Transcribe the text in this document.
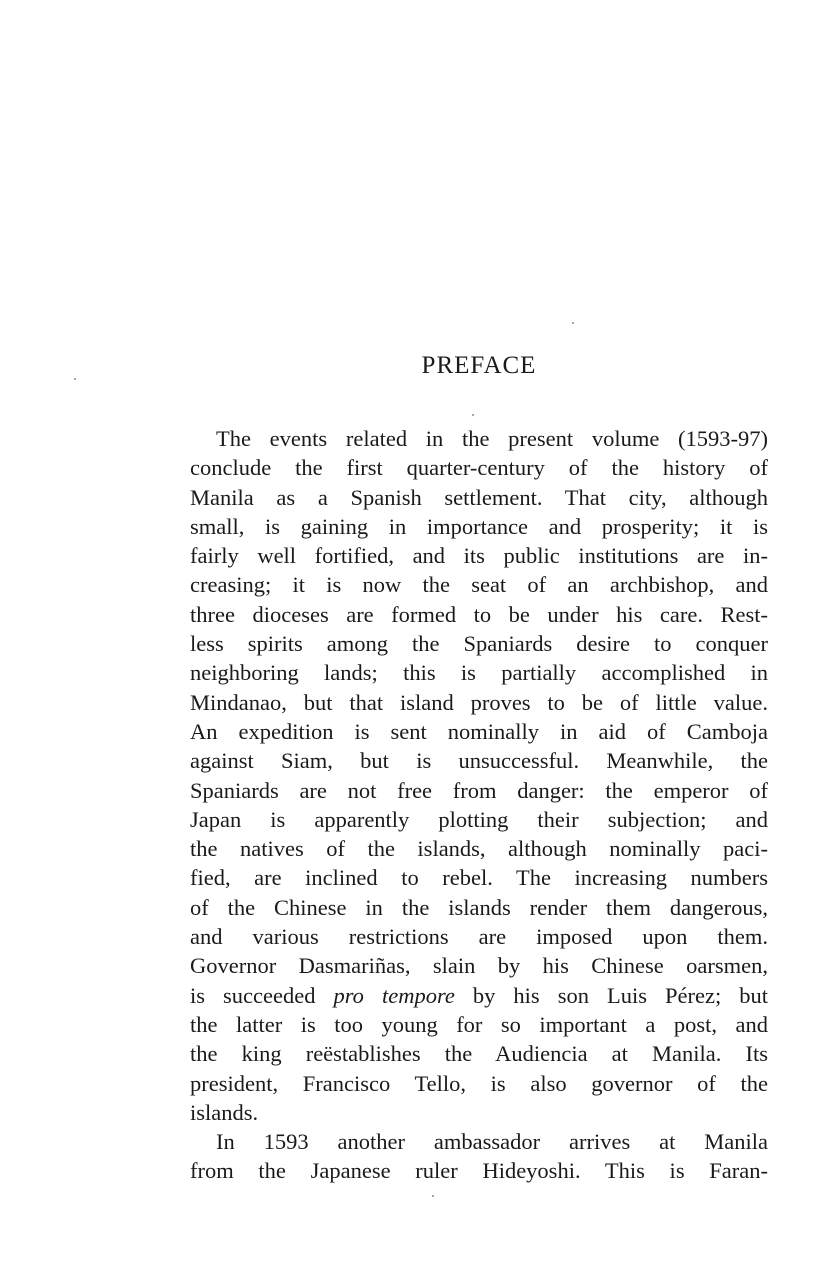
PREFACE
The events related in the present volume (1593-97)
conclude the first quarter-century of the history of
Manila as a Spanish settlement. That city, although
small, is gaining in importance and prosperity; it is
fairly well fortified, and its public institutions are in-
creasing; it is now the seat of an archbishop, and
three dioceses are formed to be under his care. Rest-
less spirits among the Spaniards desire to conquer
neighboring lands; this is partially accomplished in
Mindanao, but that island proves to be of little value.
An expedition is sent nominally in aid of Camboja
against Siam, but is unsuccessful. Meanwhile, the
Spaniards are not free from danger: the emperor of
Japan is apparently plotting their subjection; and
the natives of the islands, although nominally paci-
fied, are inclined to rebel. The increasing numbers
of the Chinese in the islands render them dangerous,
and various restrictions are imposed upon them.
Governor Dasmariñas, slain by his Chinese oarsmen,
is succeeded pro tempore by his son Luis Pérez; but
the latter is too young for so important a post, and
the king reëstablishes the Audiencia at Manila. Its
president, Francisco Tello, is also governor of the
islands.
In 1593 another ambassador arrives at Manila
from the Japanese ruler Hideyoshi. This is Faran-
